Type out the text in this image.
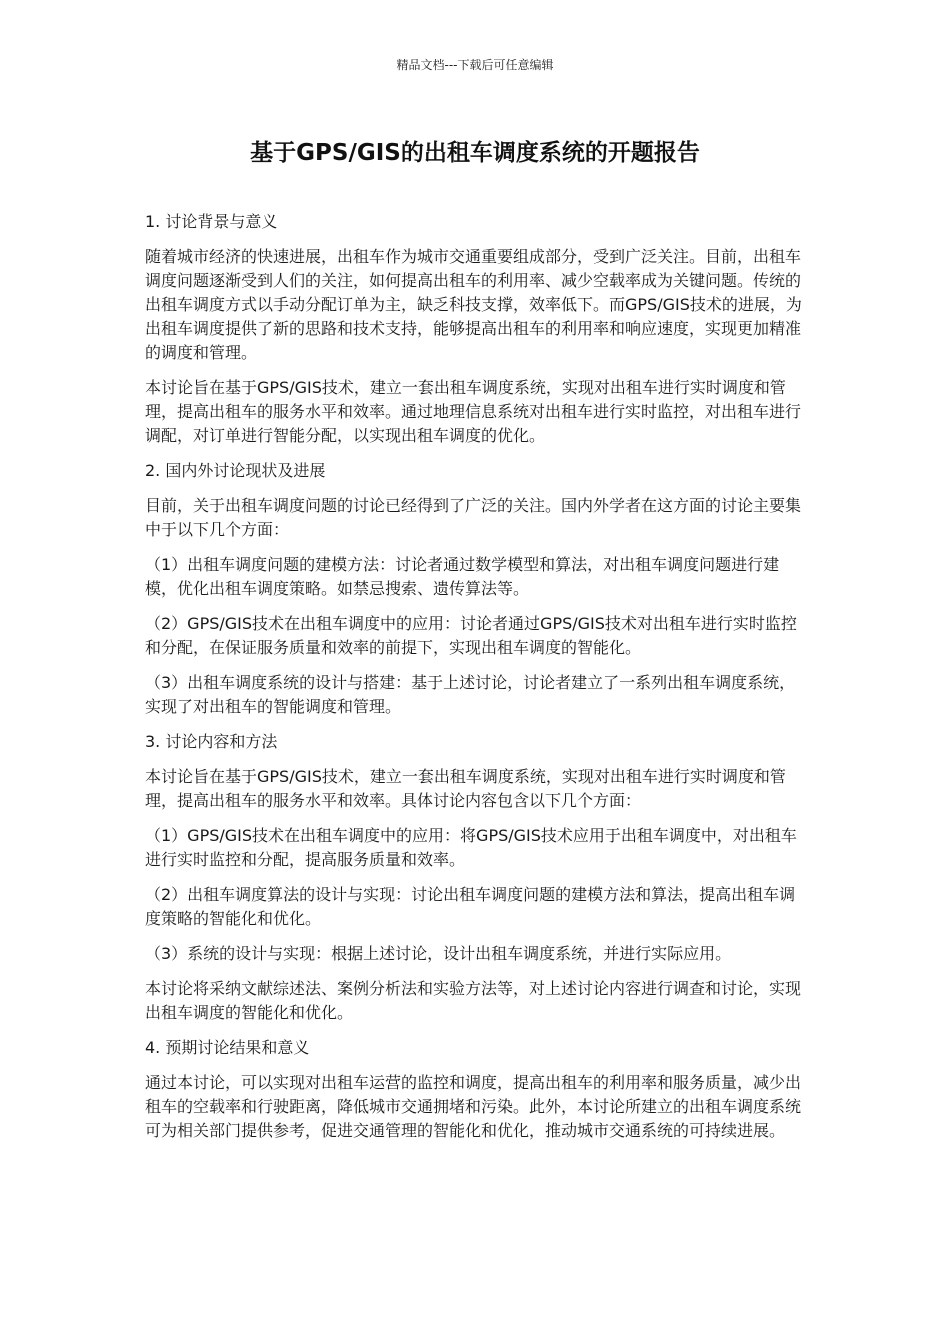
精品文档---下载后可任意编辑
基于GPS/GIS的出租车调度系统的开题报告

1. 讨论背景与意义

随着城市经济的快速进展，出租车作为城市交通重要组成部分，受到广泛关注。目前，出租车调度问题逐渐受到人们的关注，如何提高出租车的利用率、减少空载率成为关键问题。传统的出租车调度方式以手动分配订单为主，缺乏科技支撑，效率低下。而GPS/GIS技术的进展，为出租车调度提供了新的思路和技术支持，能够提高出租车的利用率和响应速度，实现更加精准的调度和管理。

本讨论旨在基于GPS/GIS技术，建立一套出租车调度系统，实现对出租车进行实时调度和管理，提高出租车的服务水平和效率。通过地理信息系统对出租车进行实时监控，对出租车进行调配，对订单进行智能分配，以实现出租车调度的优化。

2. 国内外讨论现状及进展

目前，关于出租车调度问题的讨论已经得到了广泛的关注。国内外学者在这方面的讨论主要集中于以下几个方面：

（1）出租车调度问题的建模方法：讨论者通过数学模型和算法，对出租车调度问题进行建模，优化出租车调度策略。如禁忌搜索、遗传算法等。

（2）GPS/GIS技术在出租车调度中的应用：讨论者通过GPS/GIS技术对出租车进行实时监控和分配，在保证服务质量和效率的前提下，实现出租车调度的智能化。

（3）出租车调度系统的设计与搭建：基于上述讨论，讨论者建立了一系列出租车调度系统，实现了对出租车的智能调度和管理。

3. 讨论内容和方法

本讨论旨在基于GPS/GIS技术，建立一套出租车调度系统，实现对出租车进行实时调度和管理，提高出租车的服务水平和效率。具体讨论内容包含以下几个方面：

（1）GPS/GIS技术在出租车调度中的应用：将GPS/GIS技术应用于出租车调度中，对出租车进行实时监控和分配，提高服务质量和效率。

（2）出租车调度算法的设计与实现：讨论出租车调度问题的建模方法和算法，提高出租车调度策略的智能化和优化。

（3）系统的设计与实现：根据上述讨论，设计出租车调度系统，并进行实际应用。

本讨论将采纳文献综述法、案例分析法和实验方法等，对上述讨论内容进行调查和讨论，实现出租车调度的智能化和优化。

4. 预期讨论结果和意义

通过本讨论，可以实现对出租车运营的监控和调度，提高出租车的利用率和服务质量，减少出租车的空载率和行驶距离，降低城市交通拥堵和污染。此外，本讨论所建立的出租车调度系统可为相关部门提供参考，促进交通管理的智能化和优化，推动城市交通系统的可持续进展。
